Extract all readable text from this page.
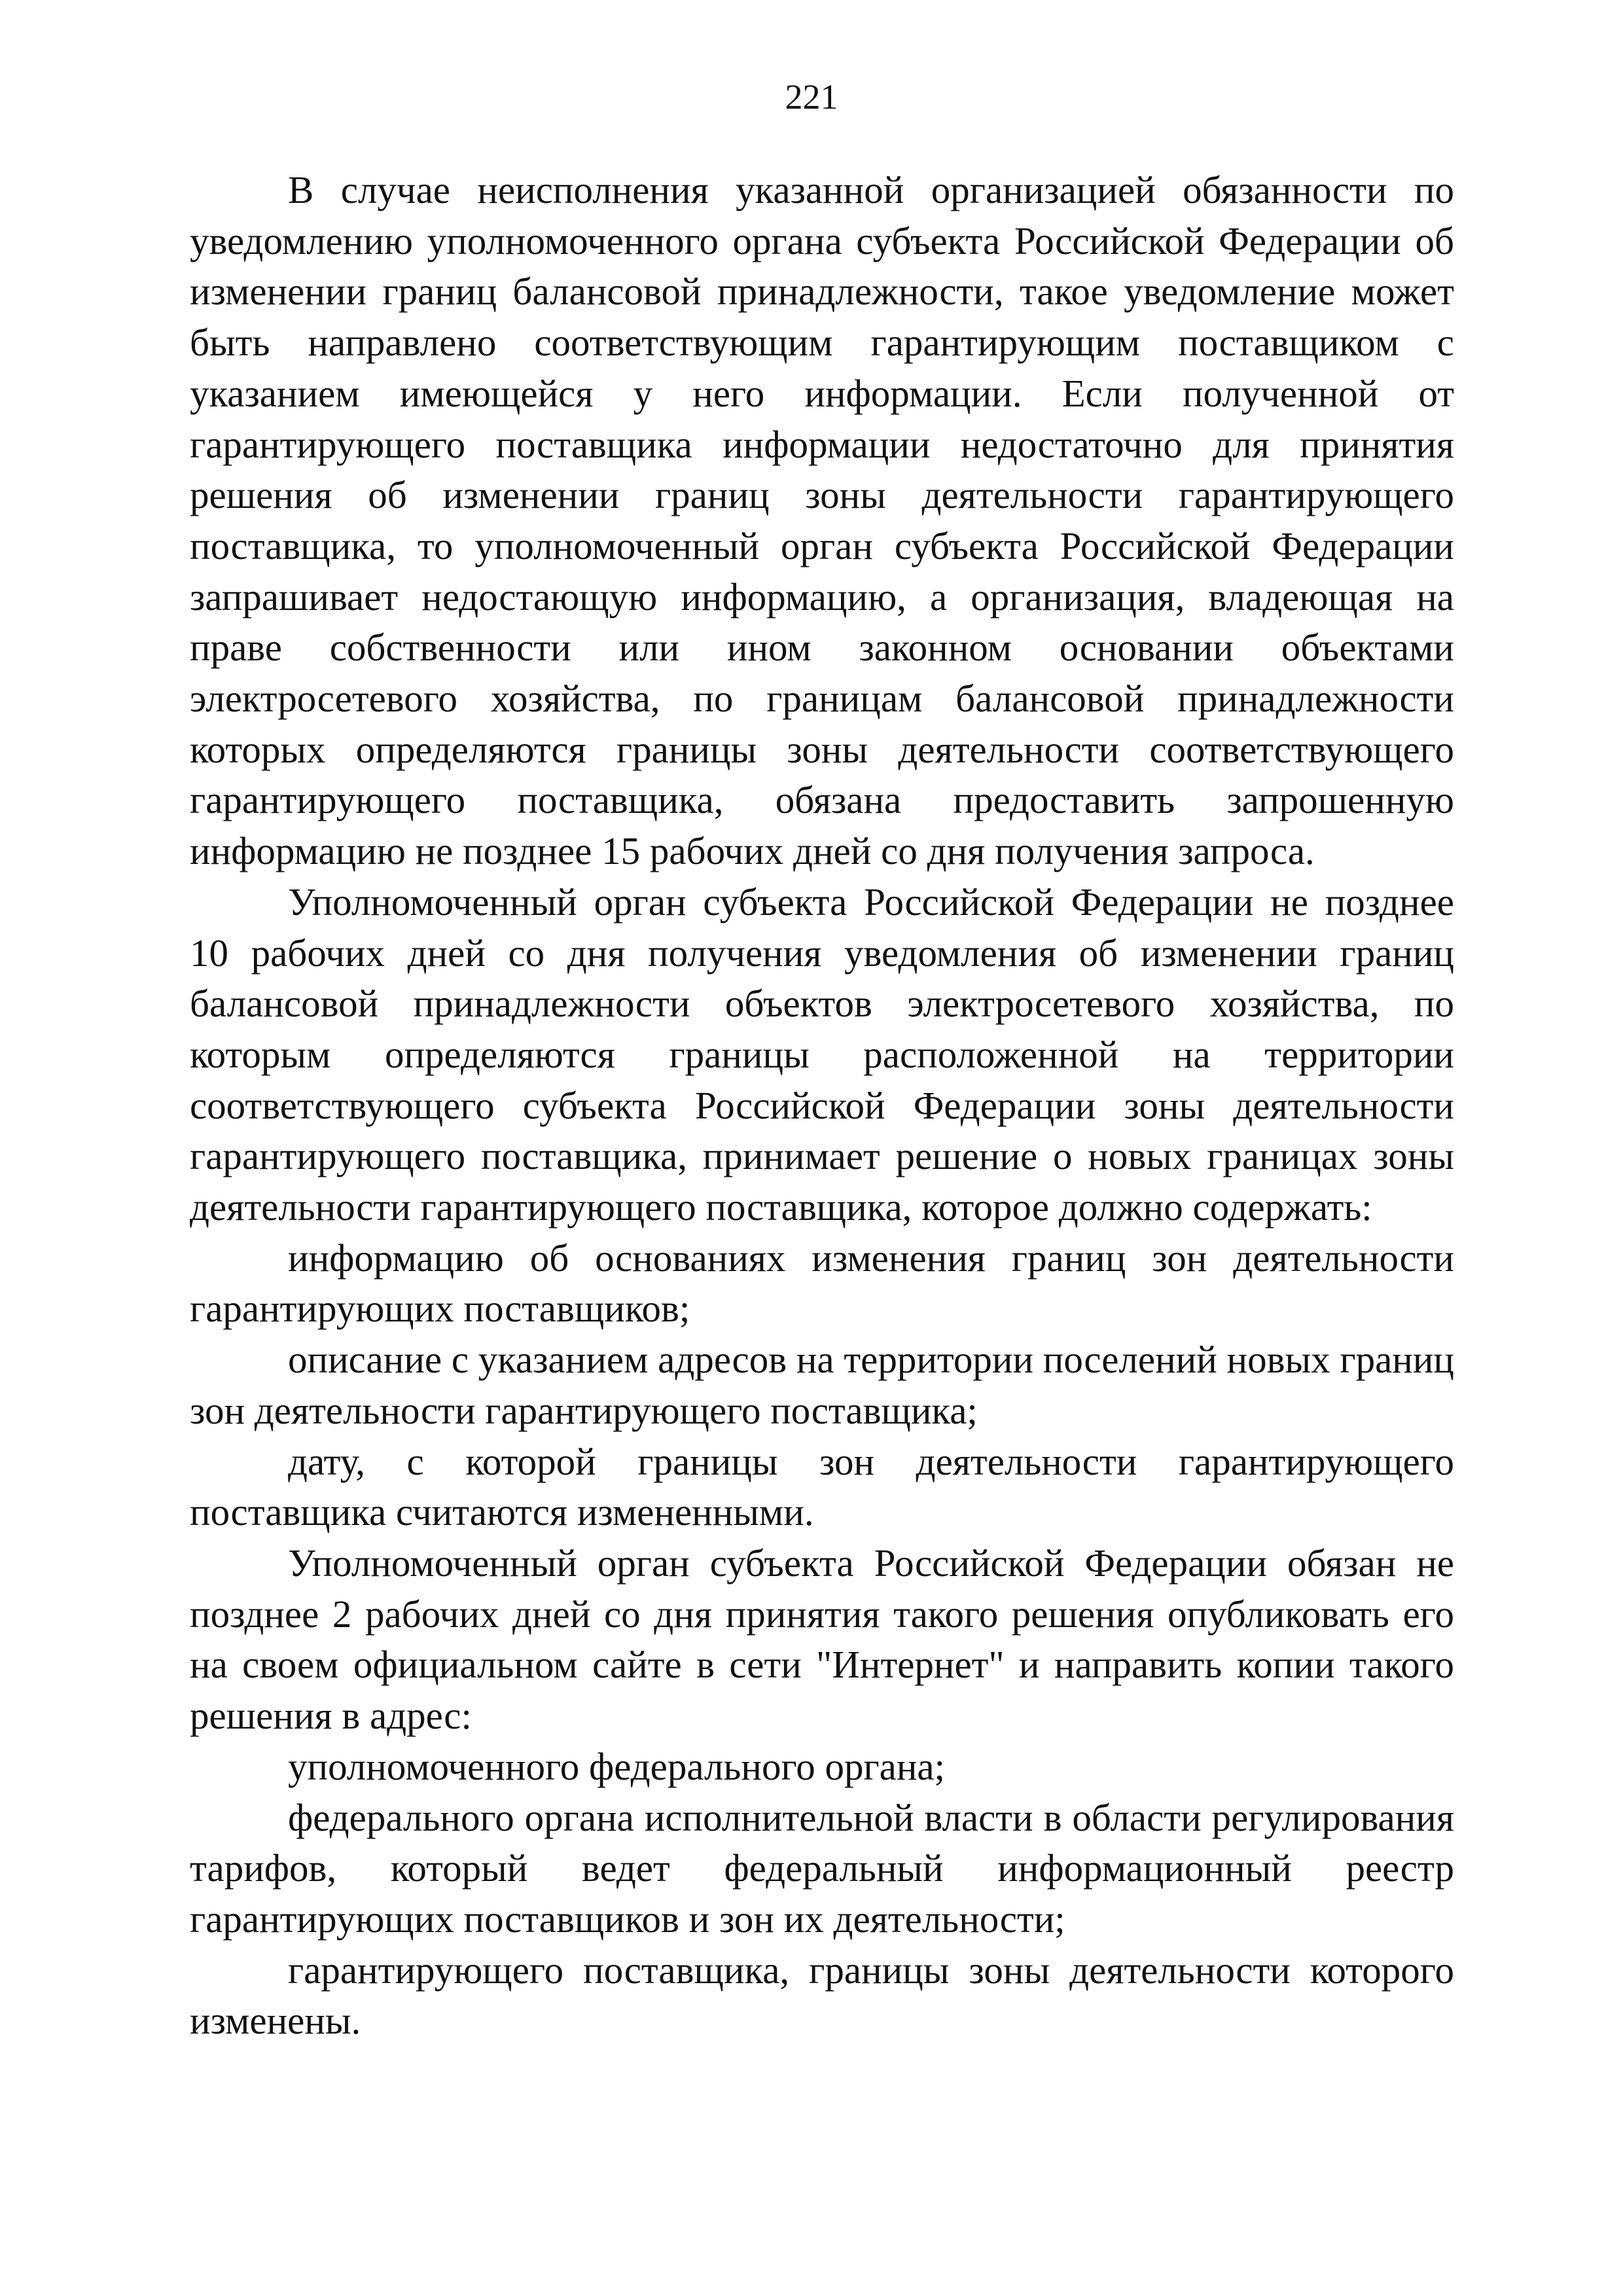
221

В случае неисполнения указанной организацией обязанности по уведомлению уполномоченного органа субъекта Российской Федерации об изменении границ балансовой принадлежности, такое уведомление может быть направлено соответствующим гарантирующим поставщиком с указанием имеющейся у него информации. Если полученной от гарантирующего поставщика информации недостаточно для принятия решения об изменении границ зоны деятельности гарантирующего поставщика, то уполномоченный орган субъекта Российской Федерации запрашивает недостающую информацию, а организация, владеющая на праве собственности или ином законном основании объектами электросетевого хозяйства, по границам балансовой принадлежности которых определяются границы зоны деятельности соответствующего гарантирующего поставщика, обязана предоставить запрошенную информацию не позднее 15 рабочих дней со дня получения запроса.

Уполномоченный орган субъекта Российской Федерации не позднее 10 рабочих дней со дня получения уведомления об изменении границ балансовой принадлежности объектов электросетевого хозяйства, по которым определяются границы расположенной на территории соответствующего субъекта Российской Федерации зоны деятельности гарантирующего поставщика, принимает решение о новых границах зоны деятельности гарантирующего поставщика, которое должно содержать:

информацию об основаниях изменения границ зон деятельности гарантирующих поставщиков;

описание с указанием адресов на территории поселений новых границ зон деятельности гарантирующего поставщика;

дату, с которой границы зон деятельности гарантирующего поставщика считаются измененными.

Уполномоченный орган субъекта Российской Федерации обязан не позднее 2 рабочих дней со дня принятия такого решения опубликовать его на своем официальном сайте в сети "Интернет" и направить копии такого решения в адрес:

уполномоченного федерального органа;

федерального органа исполнительной власти в области регулирования тарифов, который ведет федеральный информационный реестр гарантирующих поставщиков и зон их деятельности;

гарантирующего поставщика, границы зоны деятельности которого изменены.
